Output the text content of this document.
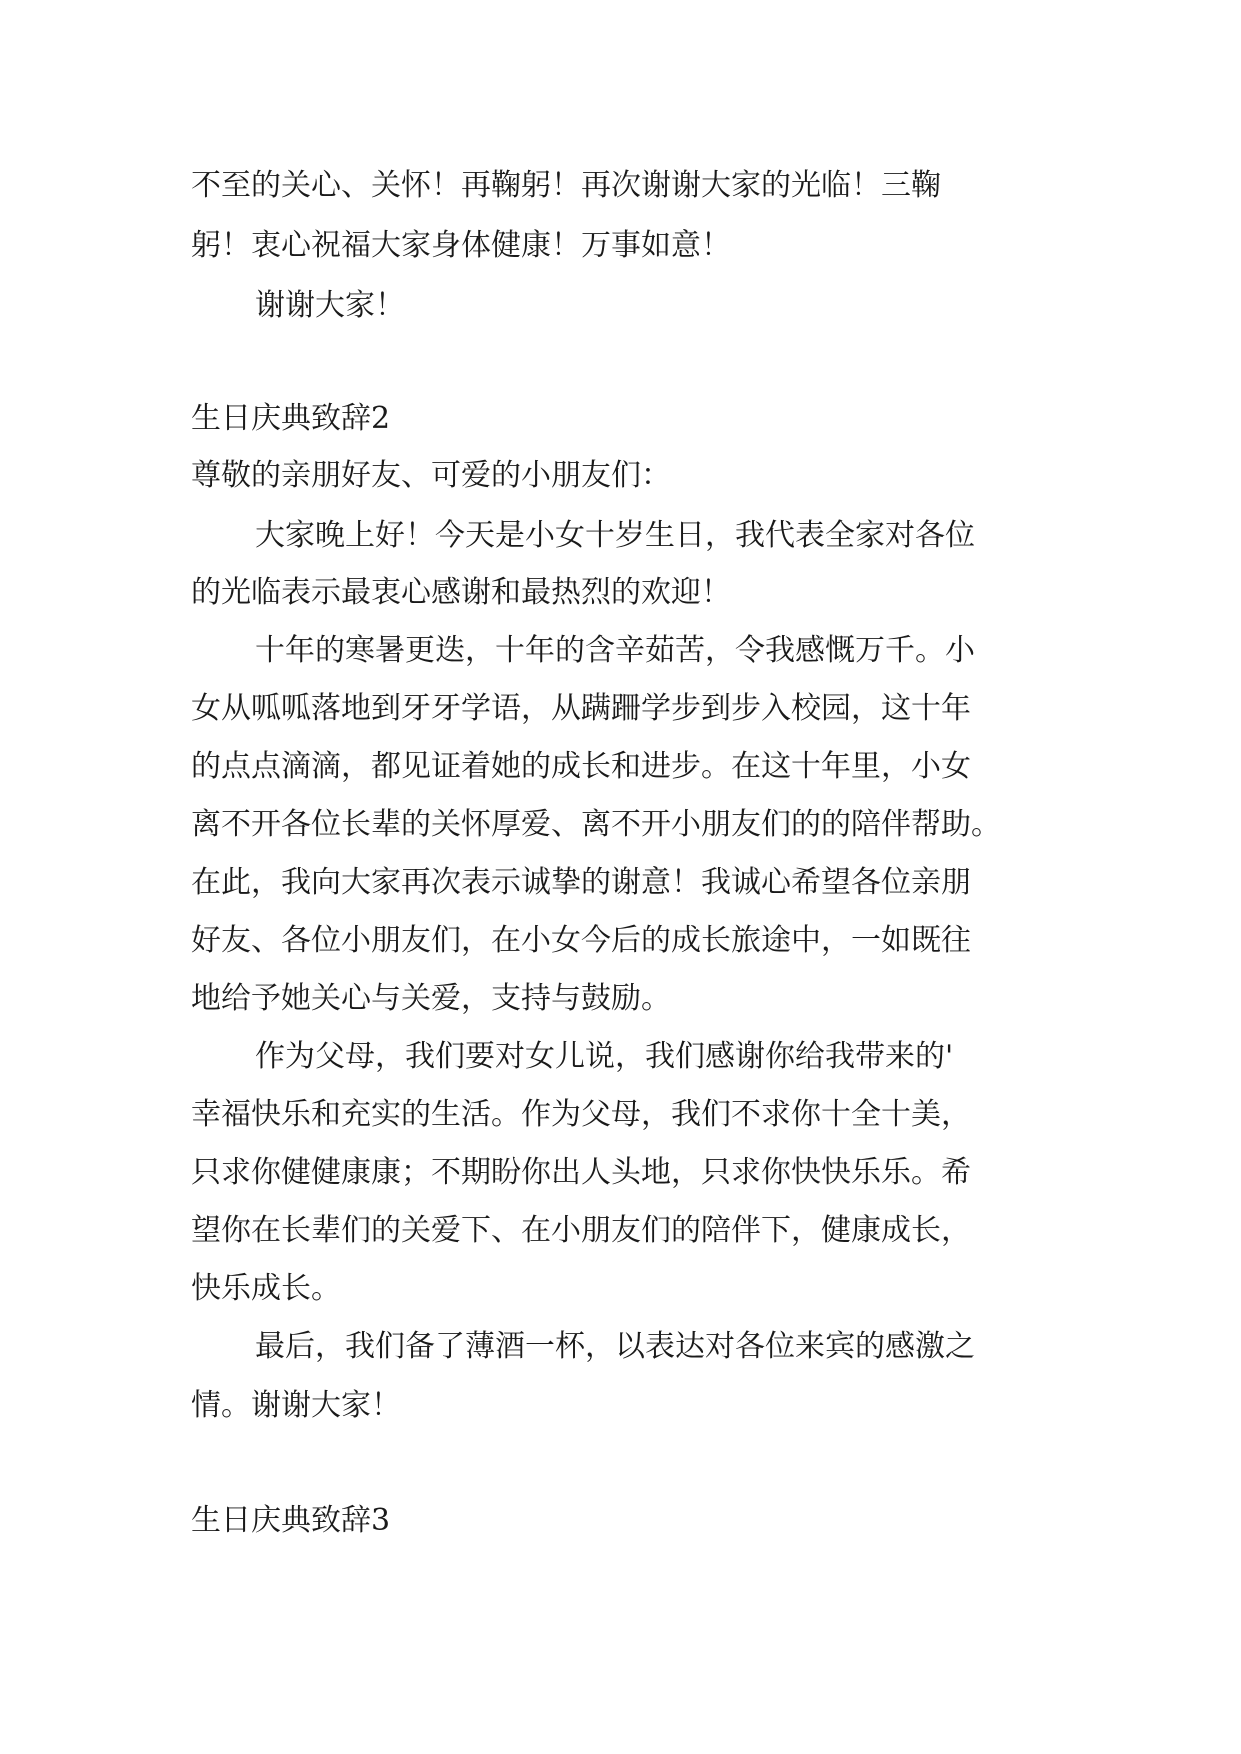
不至的关心、关怀！再鞠躬！再次谢谢大家的光临！三鞠
躬！衷心祝福大家身体健康！万事如意！
谢谢大家！
生日庆典致辞2
尊敬的亲朋好友、可爱的小朋友们：
大家晚上好！今天是小女十岁生日，我代表全家对各位
的光临表示最衷心感谢和最热烈的欢迎！
十年的寒暑更迭，十年的含辛茹苦，令我感慨万千。小
女从呱呱落地到牙牙学语，从蹒跚学步到步入校园，这十年
的点点滴滴，都见证着她的成长和进步。在这十年里，小女
离不开各位长辈的关怀厚爱、离不开小朋友们的的陪伴帮助。
在此，我向大家再次表示诚挚的谢意！我诚心希望各位亲朋
好友、各位小朋友们，在小女今后的成长旅途中，一如既往
地给予她关心与关爱，支持与鼓励。
作为父母，我们要对女儿说，我们感谢你给我带来的'
幸福快乐和充实的生活。作为父母，我们不求你十全十美，
只求你健健康康；不期盼你出人头地，只求你快快乐乐。希
望你在长辈们的关爱下、在小朋友们的陪伴下，健康成长，
快乐成长。
最后，我们备了薄酒一杯，以表达对各位来宾的感激之
情。谢谢大家！
生日庆典致辞3
